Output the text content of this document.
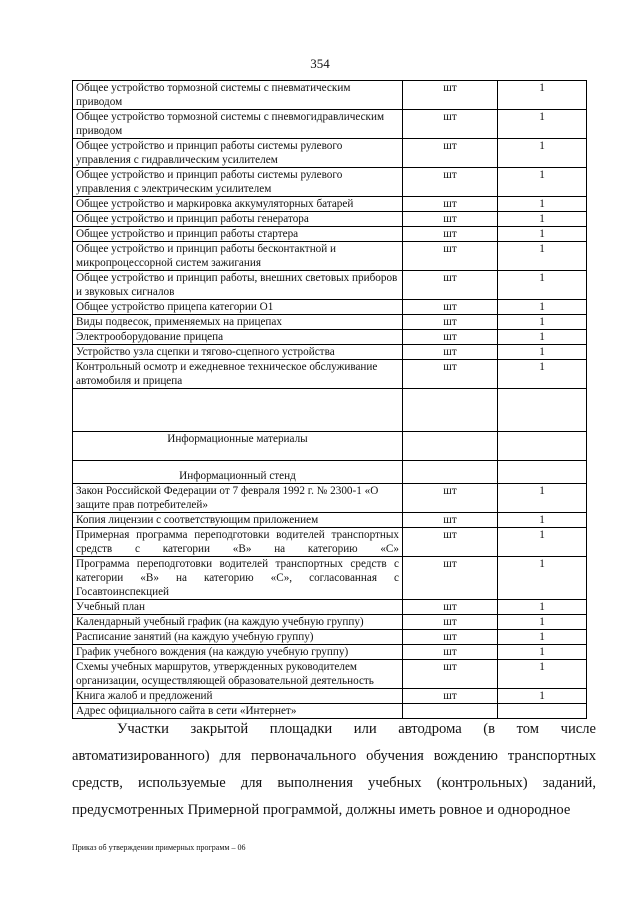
354
Общее устройство тормозной системы с пневматическим приводом	шт	1
Общее устройство тормозной системы с пневмогидравлическим приводом	шт	1
Общее устройство и принцип работы системы рулевого управления с гидравлическим усилителем	шт	1
Общее устройство и принцип работы системы рулевого управления с электрическим усилителем	шт	1
Общее устройство и маркировка аккумуляторных батарей	шт	1
Общее устройство и принцип работы генератора	шт	1
Общее устройство и принцип работы стартера	шт	1
Общее устройство и принцип работы бесконтактной и микропроцессорной систем зажигания	шт	1
Общее устройство и принцип работы, внешних световых приборов и звуковых сигналов	шт	1
Общее устройство прицепа категории О1	шт	1
Виды подвесок, применяемых на прицепах	шт	1
Электрооборудование прицепа	шт	1
Устройство узла сцепки и тягово-сцепного устройства	шт	1
Контрольный осмотр и ежедневное техническое обслуживание автомобиля и прицепа	шт	1

Информационные материалы		
Информационный стенд		
Закон Российской Федерации от 7 февраля 1992 г. № 2300-1 «О защите прав потребителей»	шт	1
Копия лицензии с соответствующим приложением	шт	1
Примерная программа переподготовки водителей транспортных средств с категории «В» на категорию «С»	шт	1
Программа переподготовки водителей транспортных средств с категории «В» на категорию «С», согласованная с Госавтоинспекцией	шт	1
Учебный план	шт	1
Календарный учебный график (на каждую учебную группу)	шт	1
Расписание занятий (на каждую учебную группу)	шт	1
График учебного вождения (на каждую учебную группу)	шт	1
Схемы учебных маршрутов, утвержденных руководителем организации, осуществляющей образовательной деятельность	шт	1
Книга жалоб и предложений	шт	1
Адрес официального сайта в сети «Интернет»		

Участки закрытой площадки или автодрома (в том числе автоматизированного) для первоначального обучения вождению транспортных средств, используемые для выполнения учебных (контрольных) заданий, предусмотренных Примерной программой, должны иметь ровное и однородное

Приказ об утверждении примерных программ – 06
